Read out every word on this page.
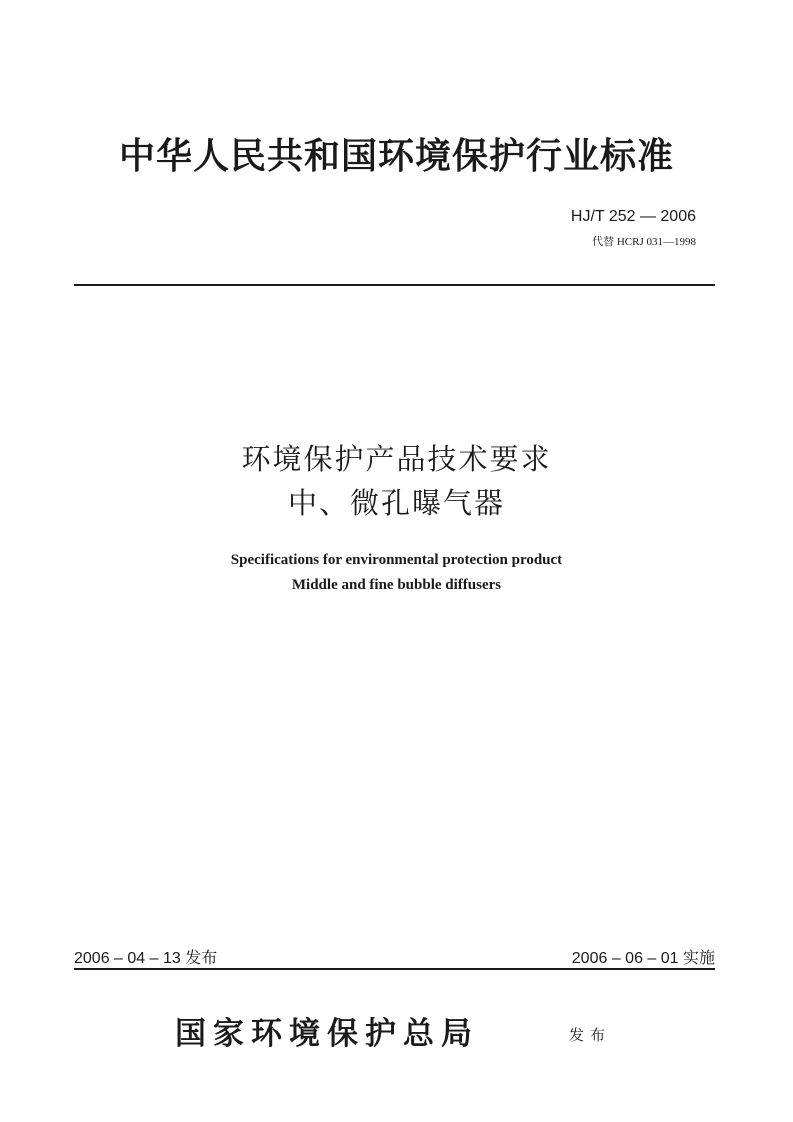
中华人民共和国环境保护行业标准
HJ/T 252 — 2006
代替 HCRJ 031—1998
环境保护产品技术要求
中、微孔曝气器
Specifications for environmental protection product
Middle and fine bubble diffusers
2006 – 04 – 13 发布	2006 – 06 – 01 实施
国家环境保护总局	发布
